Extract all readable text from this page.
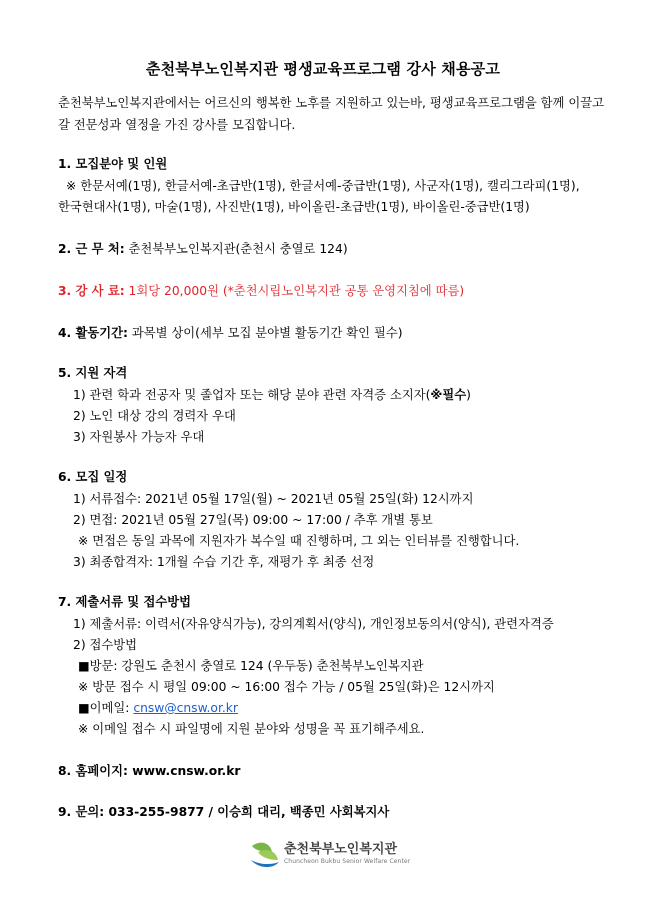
춘천북부노인복지관 평생교육프로그램 강사 채용공고
춘천북부노인복지관에서는 어르신의 행복한 노후를 지원하고 있는바, 평생교육프로그램을 함께 이끌고 갈 전문성과 열정을 가진 강사를 모집합니다.
1. 모집분야 및 인원
※ 한문서예(1명), 한글서예-초급반(1명), 한글서예-중급반(1명), 사군자(1명), 캘리그라피(1명),
한국현대사(1명), 마술(1명), 사진반(1명), 바이올린-초급반(1명), 바이올린-중급반(1명)
2. 근 무 처: 춘천북부노인복지관(춘천시 충열로 124)
3. 강 사 료: 1회당 20,000원 (*춘천시립노인복지관 공통 운영지침에 따름)
4. 활동기간: 과목별 상이(세부 모집 분야별 활동기간 확인 필수)
5. 지원 자격
1) 관련 학과 전공자 및 졸업자 또는 해당 분야 관련 자격증 소지자(※필수)
2) 노인 대상 강의 경력자 우대
3) 자원봉사 가능자 우대
6. 모집 일정
1) 서류접수: 2021년 05월 17일(월) ~ 2021년 05월 25일(화) 12시까지
2) 면접: 2021년 05월 27일(목) 09:00 ~ 17:00 / 추후 개별 통보
※ 면접은 동일 과목에 지원자가 복수일 때 진행하며, 그 외는 인터뷰를 진행합니다.
3) 최종합격자: 1개월 수습 기간 후, 재평가 후 최종 선정
7. 제출서류 및 접수방법
1) 제출서류: 이력서(자유양식가능), 강의계획서(양식), 개인정보동의서(양식), 관련자격증
2) 접수방법
■방문: 강원도 춘천시 충열로 124 (우두동) 춘천북부노인복지관
※ 방문 접수 시 평일 09:00 ~ 16:00 접수 가능 / 05월 25일(화)은 12시까지
■이메일: cnsw@cnsw.or.kr
※ 이메일 접수 시 파일명에 지원 분야와 성명을 꼭 표기해주세요.
8. 홈페이지: www.cnsw.or.kr
9. 문의: 033-255-9877 / 이승희 대리, 백종민 사회복지사
춘천북부노인복지관
Chuncheon Bukbu Senior Welfare Center
